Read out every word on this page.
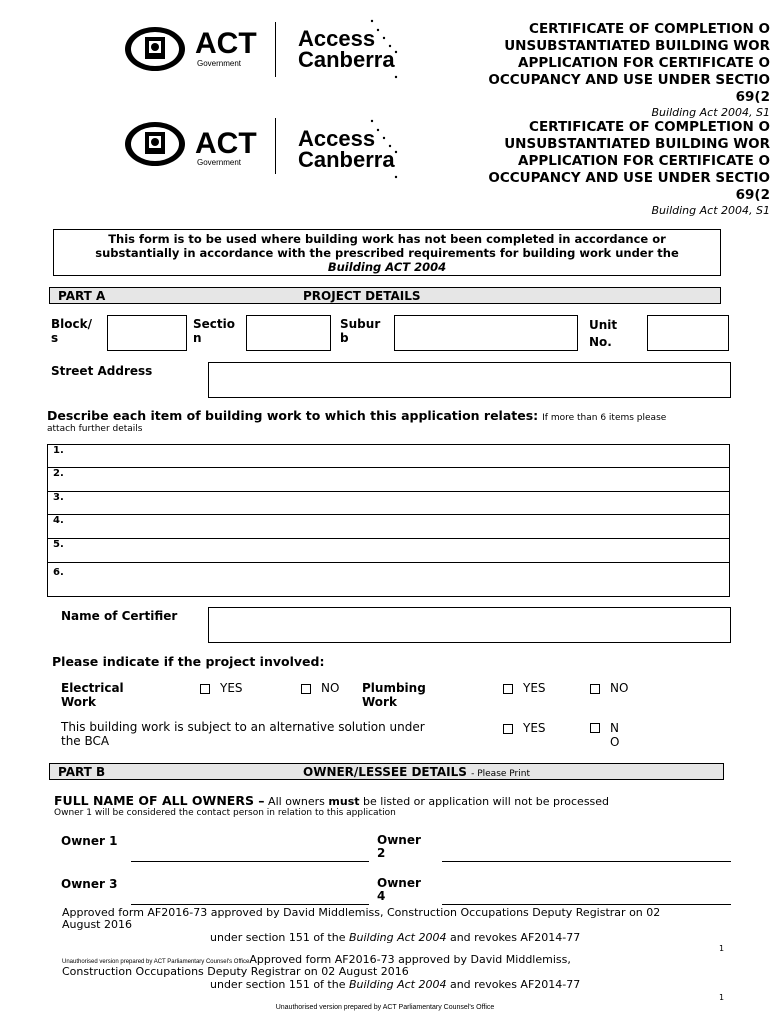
ACT
Government
Access
Canberra
CERTIFICATE OF COMPLETION O
UNSUBSTANTIATED BUILDING WOR
APPLICATION FOR CERTIFICATE O
OCCUPANCY AND USE UNDER SECTIO
69(2
Building Act 2004, S1
ACT
Government
Access
Canberra
CERTIFICATE OF COMPLETION O
UNSUBSTANTIATED BUILDING WOR
APPLICATION FOR CERTIFICATE O
OCCUPANCY AND USE UNDER SECTIO
69(2
Building Act 2004, S1
This form is to be used where building work has not been completed in accordance or
substantially in accordance with the prescribed requirements for building work under the
Building ACT 2004
PART A	PROJECT DETAILS
Block/
s
Sectio
n
Subur
b
Unit
No.
Street Address
Describe each item of building work to which this application relates: If more than 6 items please
attach further details
1.
2.
3.
4.
5.
6.
Name of Certifier
Please indicate if the project involved:
Electrical
Work
YES	NO Plumbing
Work
YES	NO
This building work is subject to an alternative solution under
the BCA
YES	N
O
PART B	OWNER/LESSEE DETAILS - Please Print
FULL NAME OF ALL OWNERS – All owners must be listed or application will not be processed
Owner 1 will be considered the contact person in relation to this application
Owner 1	Owner
2
Owner 3	Owner
4
Approved form AF2016-73 approved by David Middlemiss, Construction Occupations Deputy Registrar on 02
August 2016
under section 151 of the Building Act 2004 and revokes AF2014-77
1
Unauthorised version prepared by ACT Parliamentary Counsel's OfficeApproved form AF2016-73 approved by David Middlemiss,
Construction Occupations Deputy Registrar on 02 August 2016
under section 151 of the Building Act 2004 and revokes AF2014-77
1
Unauthorised version prepared by ACT Parliamentary Counsel's Office
